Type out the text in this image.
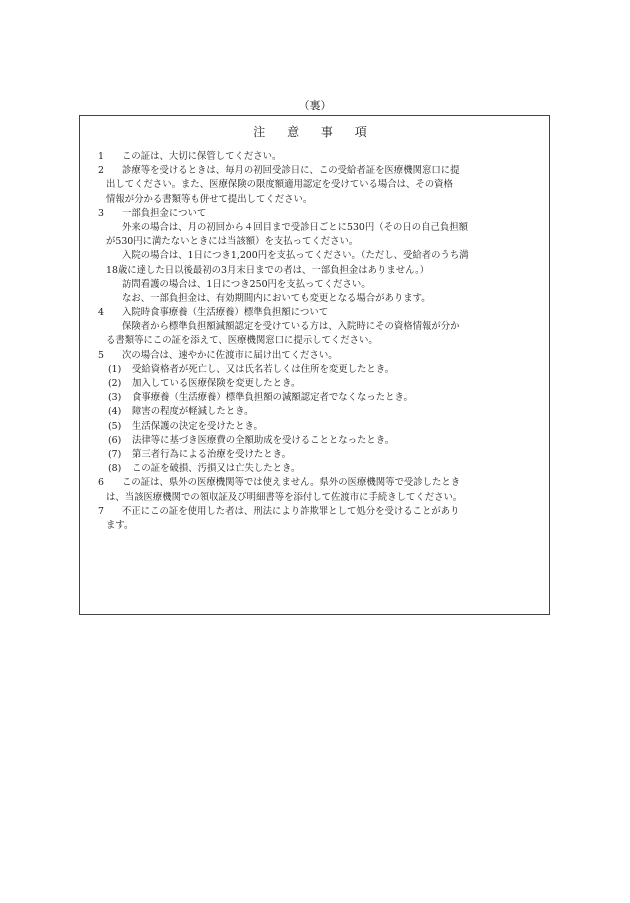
（裏）
注 意 事 項
1 この証は、大切に保管してください。
2 診療等を受けるときは、毎月の初回受診日に、この受給者証を医療機関窓口に提
出してください。また、医療保険の限度額適用認定を受けている場合は、その資格
情報が分かる書類等も併せて提出してください。
3 一部負担金について
外来の場合は、月の初回から４回目まで受診日ごとに530円（その日の自己負担額
が530円に満たないときには当該額）を支払ってください。
入院の場合は、1日につき1,200円を支払ってください。（ただし、受給者のうち満
18歳に達した日以後最初の3月末日までの者は、一部負担金はありません。）
訪問看護の場合は、1日につき250円を支払ってください。
なお、一部負担金は、有効期間内においても変更となる場合があります。
4 入院時食事療養（生活療養）標準負担額について
保険者から標準負担額減額認定を受けている方は、入院時にその資格情報が分か
る書類等にこの証を添えて、医療機関窓口に提示してください。
5 次の場合は、速やかに佐渡市に届け出てください。
(1) 受給資格者が死亡し、又は氏名若しくは住所を変更したとき。
(2) 加入している医療保険を変更したとき。
(3) 食事療養（生活療養）標準負担額の減額認定者でなくなったとき。
(4) 障害の程度が軽減したとき。
(5) 生活保護の決定を受けたとき。
(6) 法律等に基づき医療費の全額助成を受けることとなったとき。
(7) 第三者行為による治療を受けたとき。
(8) この証を破損、汚損又は亡失したとき。
6 この証は、県外の医療機関等では使えません。県外の医療機関等で受診したとき
は、当該医療機関での領収証及び明細書等を添付して佐渡市に手続きしてください。
7 不正にこの証を使用した者は、刑法により詐欺罪として処分を受けることがあり
ます。
